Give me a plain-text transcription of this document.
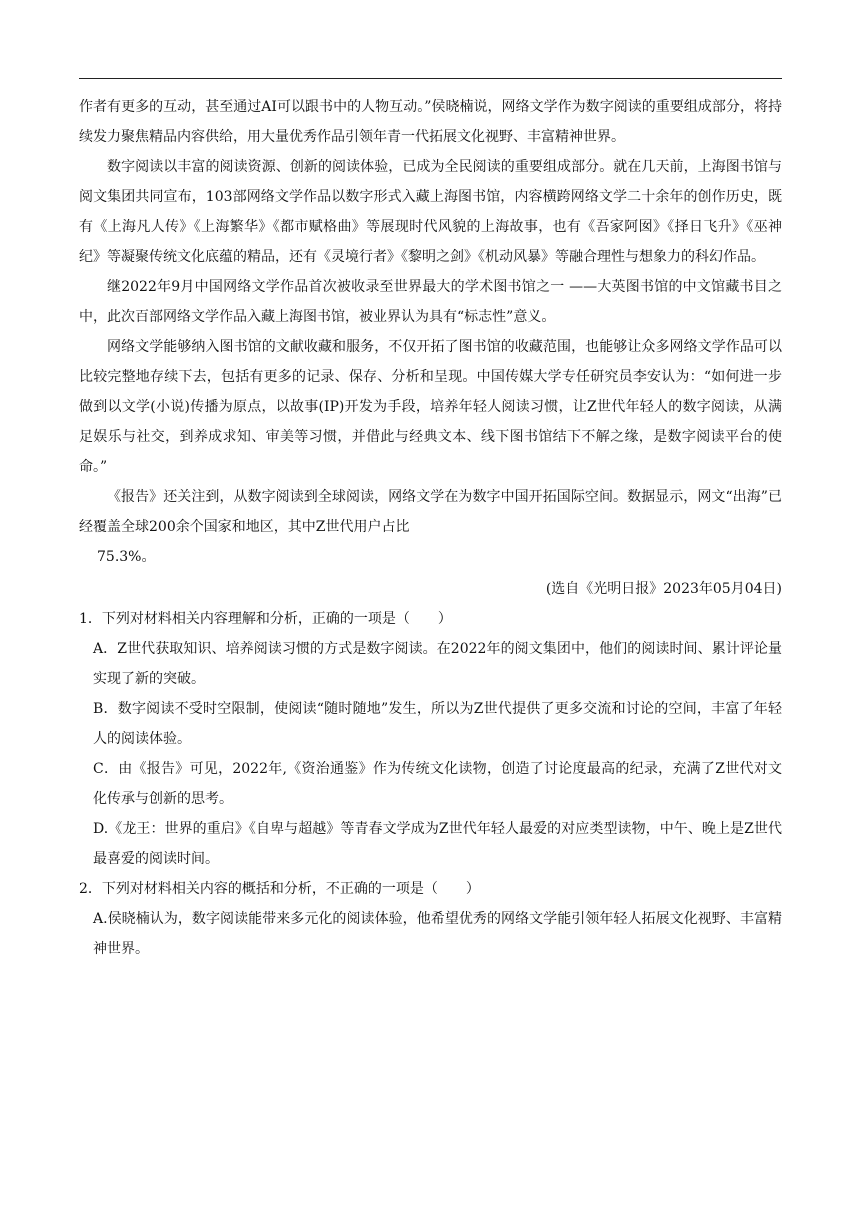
作者有更多的互动，甚至通过AI可以跟书中的人物互动。”侯晓楠说，网络文学作为数字阅读的重要组成部分，将持续发力聚焦精品内容供给，用大量优秀作品引领年青一代拓展文化视野、丰富精神世界。

数字阅读以丰富的阅读资源、创新的阅读体验，已成为全民阅读的重要组成部分。就在几天前，上海图书馆与阅文集团共同宣布，103部网络文学作品以数字形式入藏上海图书馆，内容横跨网络文学二十余年的创作历史，既有《上海凡人传》《上海繁华》《都市赋格曲》等展现时代风貌的上海故事，也有《吾家阿囡》《择日飞升》《巫神纪》等凝聚传统文化底蕴的精品，还有《灵境行者》《黎明之剑》《机动风暴》等融合理性与想象力的科幻作品。

继2022年9月中国网络文学作品首次被收录至世界最大的学术图书馆之一 ——大英图书馆的中文馆藏书目之中，此次百部网络文学作品入藏上海图书馆，被业界认为具有“标志性”意义。

网络文学能够纳入图书馆的文献收藏和服务，不仅开拓了图书馆的收藏范围，也能够让众多网络文学作品可以比较完整地存续下去，包括有更多的记录、保存、分析和呈现。中国传媒大学专任研究员李安认为：“如何进一步做到以文学(小说)传播为原点，以故事(IP)开发为手段，培养年轻人阅读习惯，让Z世代年轻人的数字阅读，从满足娱乐与社交，到养成求知、审美等习惯，并借此与经典文本、线下图书馆结下不解之缘，是数字阅读平台的使命。”

《报告》还关注到，从数字阅读到全球阅读，网络文学在为数字中国开拓国际空间。数据显示，网文“出海”已经覆盖全球200余个国家和地区，其中Z世代用户占比

75.3%。

(选自《光明日报》2023年05月04日)

1．下列对材料相关内容理解和分析，正确的一项是（　　）

A．Z世代获取知识、培养阅读习惯的方式是数字阅读。在2022年的阅文集团中，他们的阅读时间、累计评论量实现了新的突破。

B．数字阅读不受时空限制，使阅读“随时随地”发生，所以为Z世代提供了更多交流和讨论的空间，丰富了年轻人的阅读体验。

C．由《报告》可见，2022年,《资治通鉴》作为传统文化读物，创造了讨论度最高的纪录，充满了Z世代对文化传承与创新的思考。

D.《龙王：世界的重启》《自卑与超越》等青春文学成为Z世代年轻人最爱的对应类型读物，中午、晚上是Z世代最喜爱的阅读时间。

2．下列对材料相关内容的概括和分析，不正确的一项是（　　）

A.侯晓楠认为，数字阅读能带来多元化的阅读体验，他希望优秀的网络文学能引领年轻人拓展文化视野、丰富精神世界。
